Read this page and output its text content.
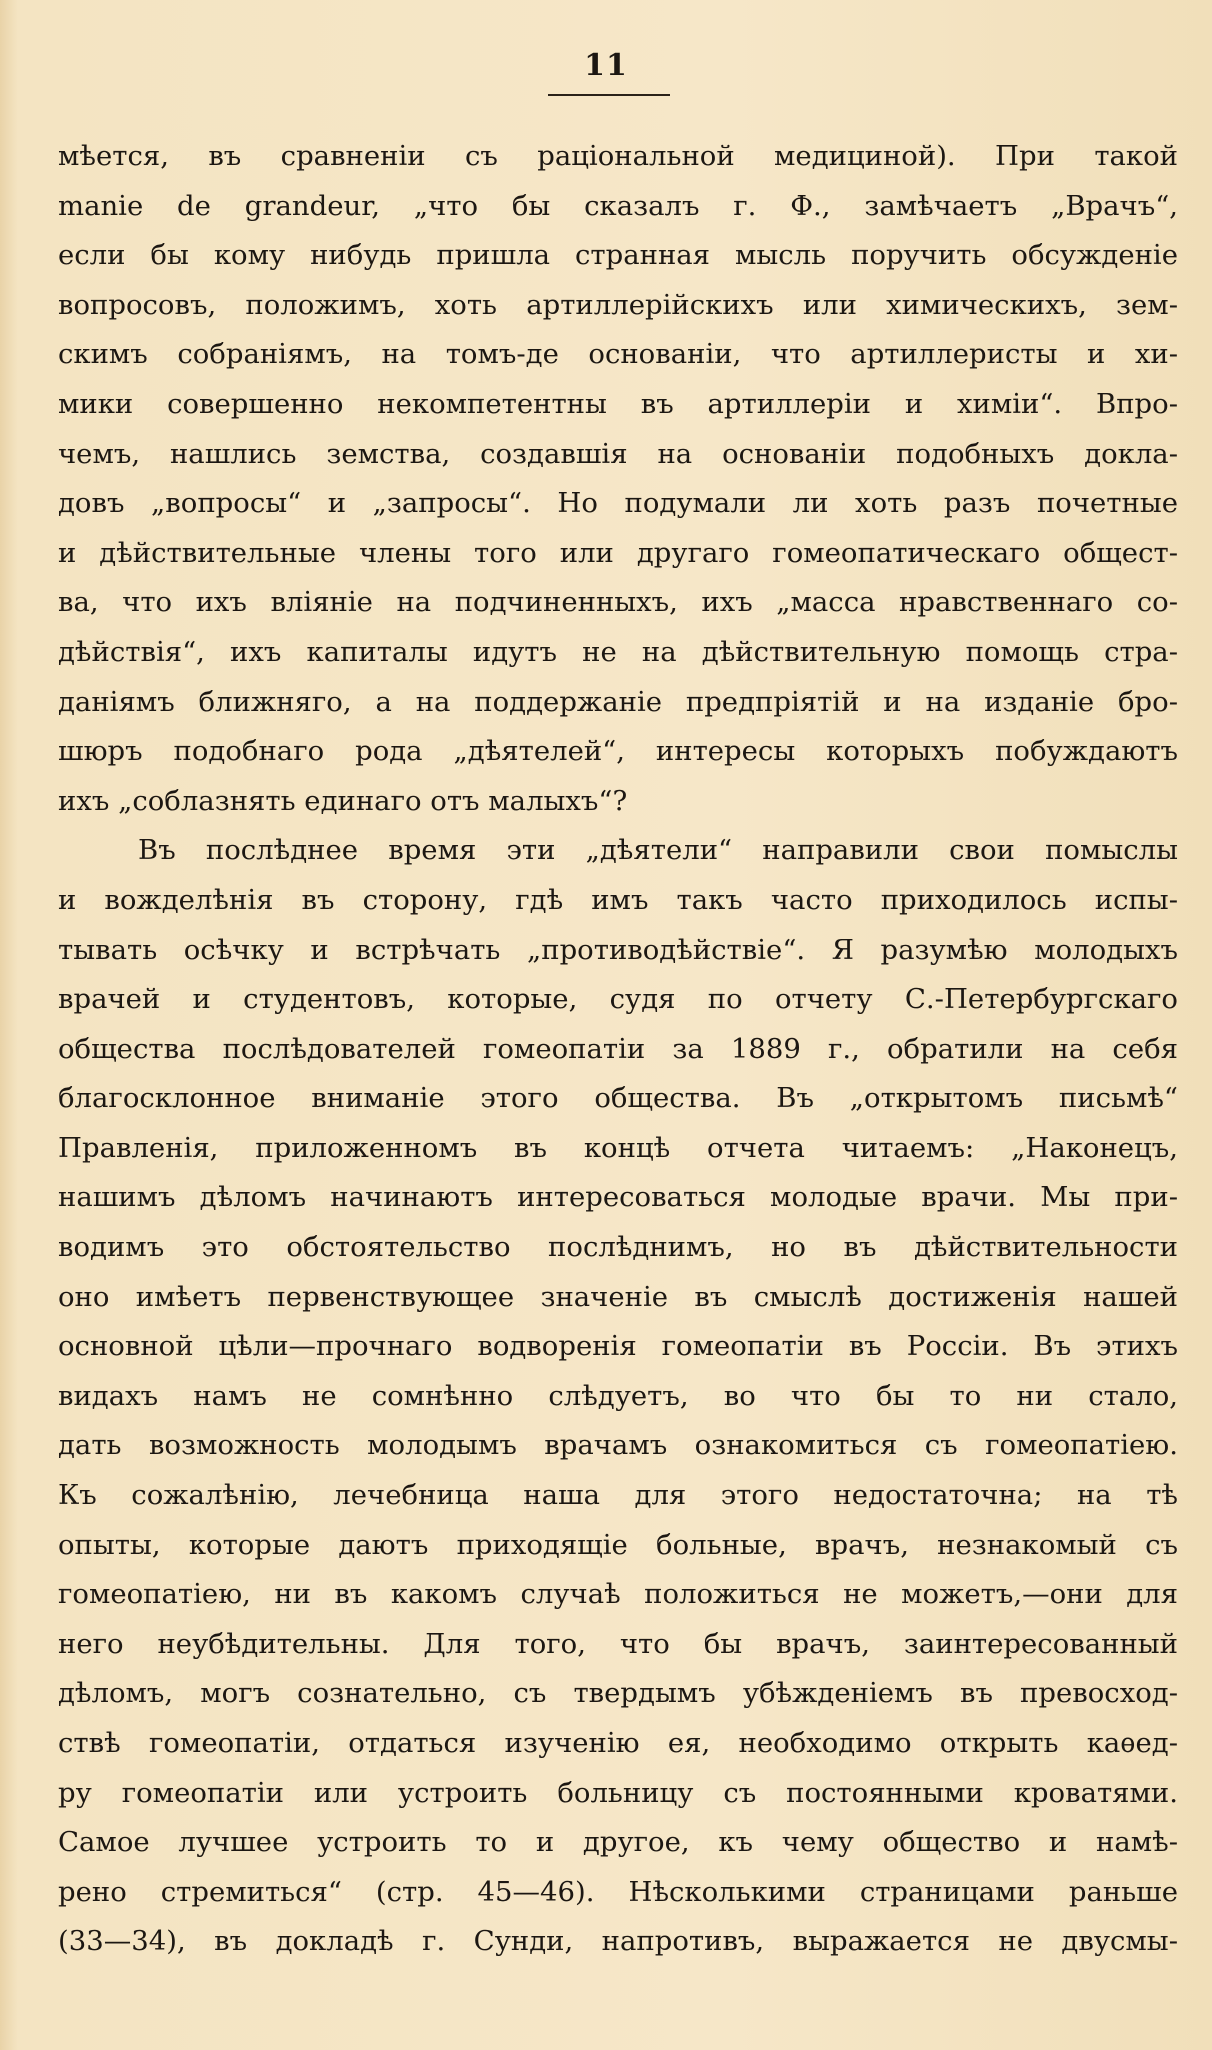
11
мѣется, въ сравненіи съ раціональной медициной). При такой
manie de grandeur, „что бы сказалъ г. Ф., замѣчаетъ „Врачъ“,
если бы кому нибудь пришла странная мысль поручить обсужденіе
вопросовъ, положимъ, хоть артиллерійскихъ или химическихъ, зем-
скимъ собраніямъ, на томъ-де основаніи, что артиллеристы и хи-
мики совершенно некомпетентны въ артиллеріи и химіи“. Впро-
чемъ, нашлись земства, создавшія на основаніи подобныхъ докла-
довъ „вопросы“ и „запросы“. Но подумали ли хоть разъ почетные
и дѣйствительные члены того или другаго гомеопатическаго общест-
ва, что ихъ вліяніе на подчиненныхъ, ихъ „масса нравственнаго со-
дѣйствія“, ихъ капиталы идутъ не на дѣйствительную помощь стра-
даніямъ ближняго, а на поддержаніе предпріятій и на изданіе бро-
шюръ подобнаго рода „дѣятелей“, интересы которыхъ побуждаютъ
ихъ „соблазнять единаго отъ малыхъ“?
Въ послѣднее время эти „дѣятели“ направили свои помыслы
и вожделѣнія въ сторону, гдѣ имъ такъ часто приходилось испы-
тывать осѣчку и встрѣчать „противодѣйствіе“. Я разумѣю молодыхъ
врачей и студентовъ, которые, судя по отчету С.-Петербургскаго
общества послѣдователей гомеопатіи за 1889 г., обратили на себя
благосклонное вниманіе этого общества. Въ „открытомъ письмѣ“
Правленія, приложенномъ въ концѣ отчета читаемъ: „Наконецъ,
нашимъ дѣломъ начинаютъ интересоваться молодые врачи. Мы при-
водимъ это обстоятельство послѣднимъ, но въ дѣйствительности
оно имѣетъ первенствующее значеніе въ смыслѣ достиженія нашей
основной цѣли—прочнаго водворенія гомеопатіи въ Россіи. Въ этихъ
видахъ намъ не сомнѣнно слѣдуетъ, во что бы то ни стало,
дать возможность молодымъ врачамъ ознакомиться съ гомеопатіею.
Къ сожалѣнію, лечебница наша для этого недостаточна; на тѣ
опыты, которые даютъ приходящіе больные, врачъ, незнакомый съ
гомеопатіею, ни въ какомъ случаѣ положиться не можетъ,—они для
него неубѣдительны. Для того, что бы врачъ, заинтересованный
дѣломъ, могъ сознательно, съ твердымъ убѣжденіемъ въ превосход-
ствѣ гомеопатіи, отдаться изученію ея, необходимо открыть каѳед-
ру гомеопатіи или устроить больницу съ постоянными кроватями.
Самое лучшее устроить то и другое, къ чему общество и намѣ-
рено стремиться“ (стр. 45—46). Нѣсколькими страницами раньше
(33—34), въ докладѣ г. Сунди, напротивъ, выражается не двусмы-
